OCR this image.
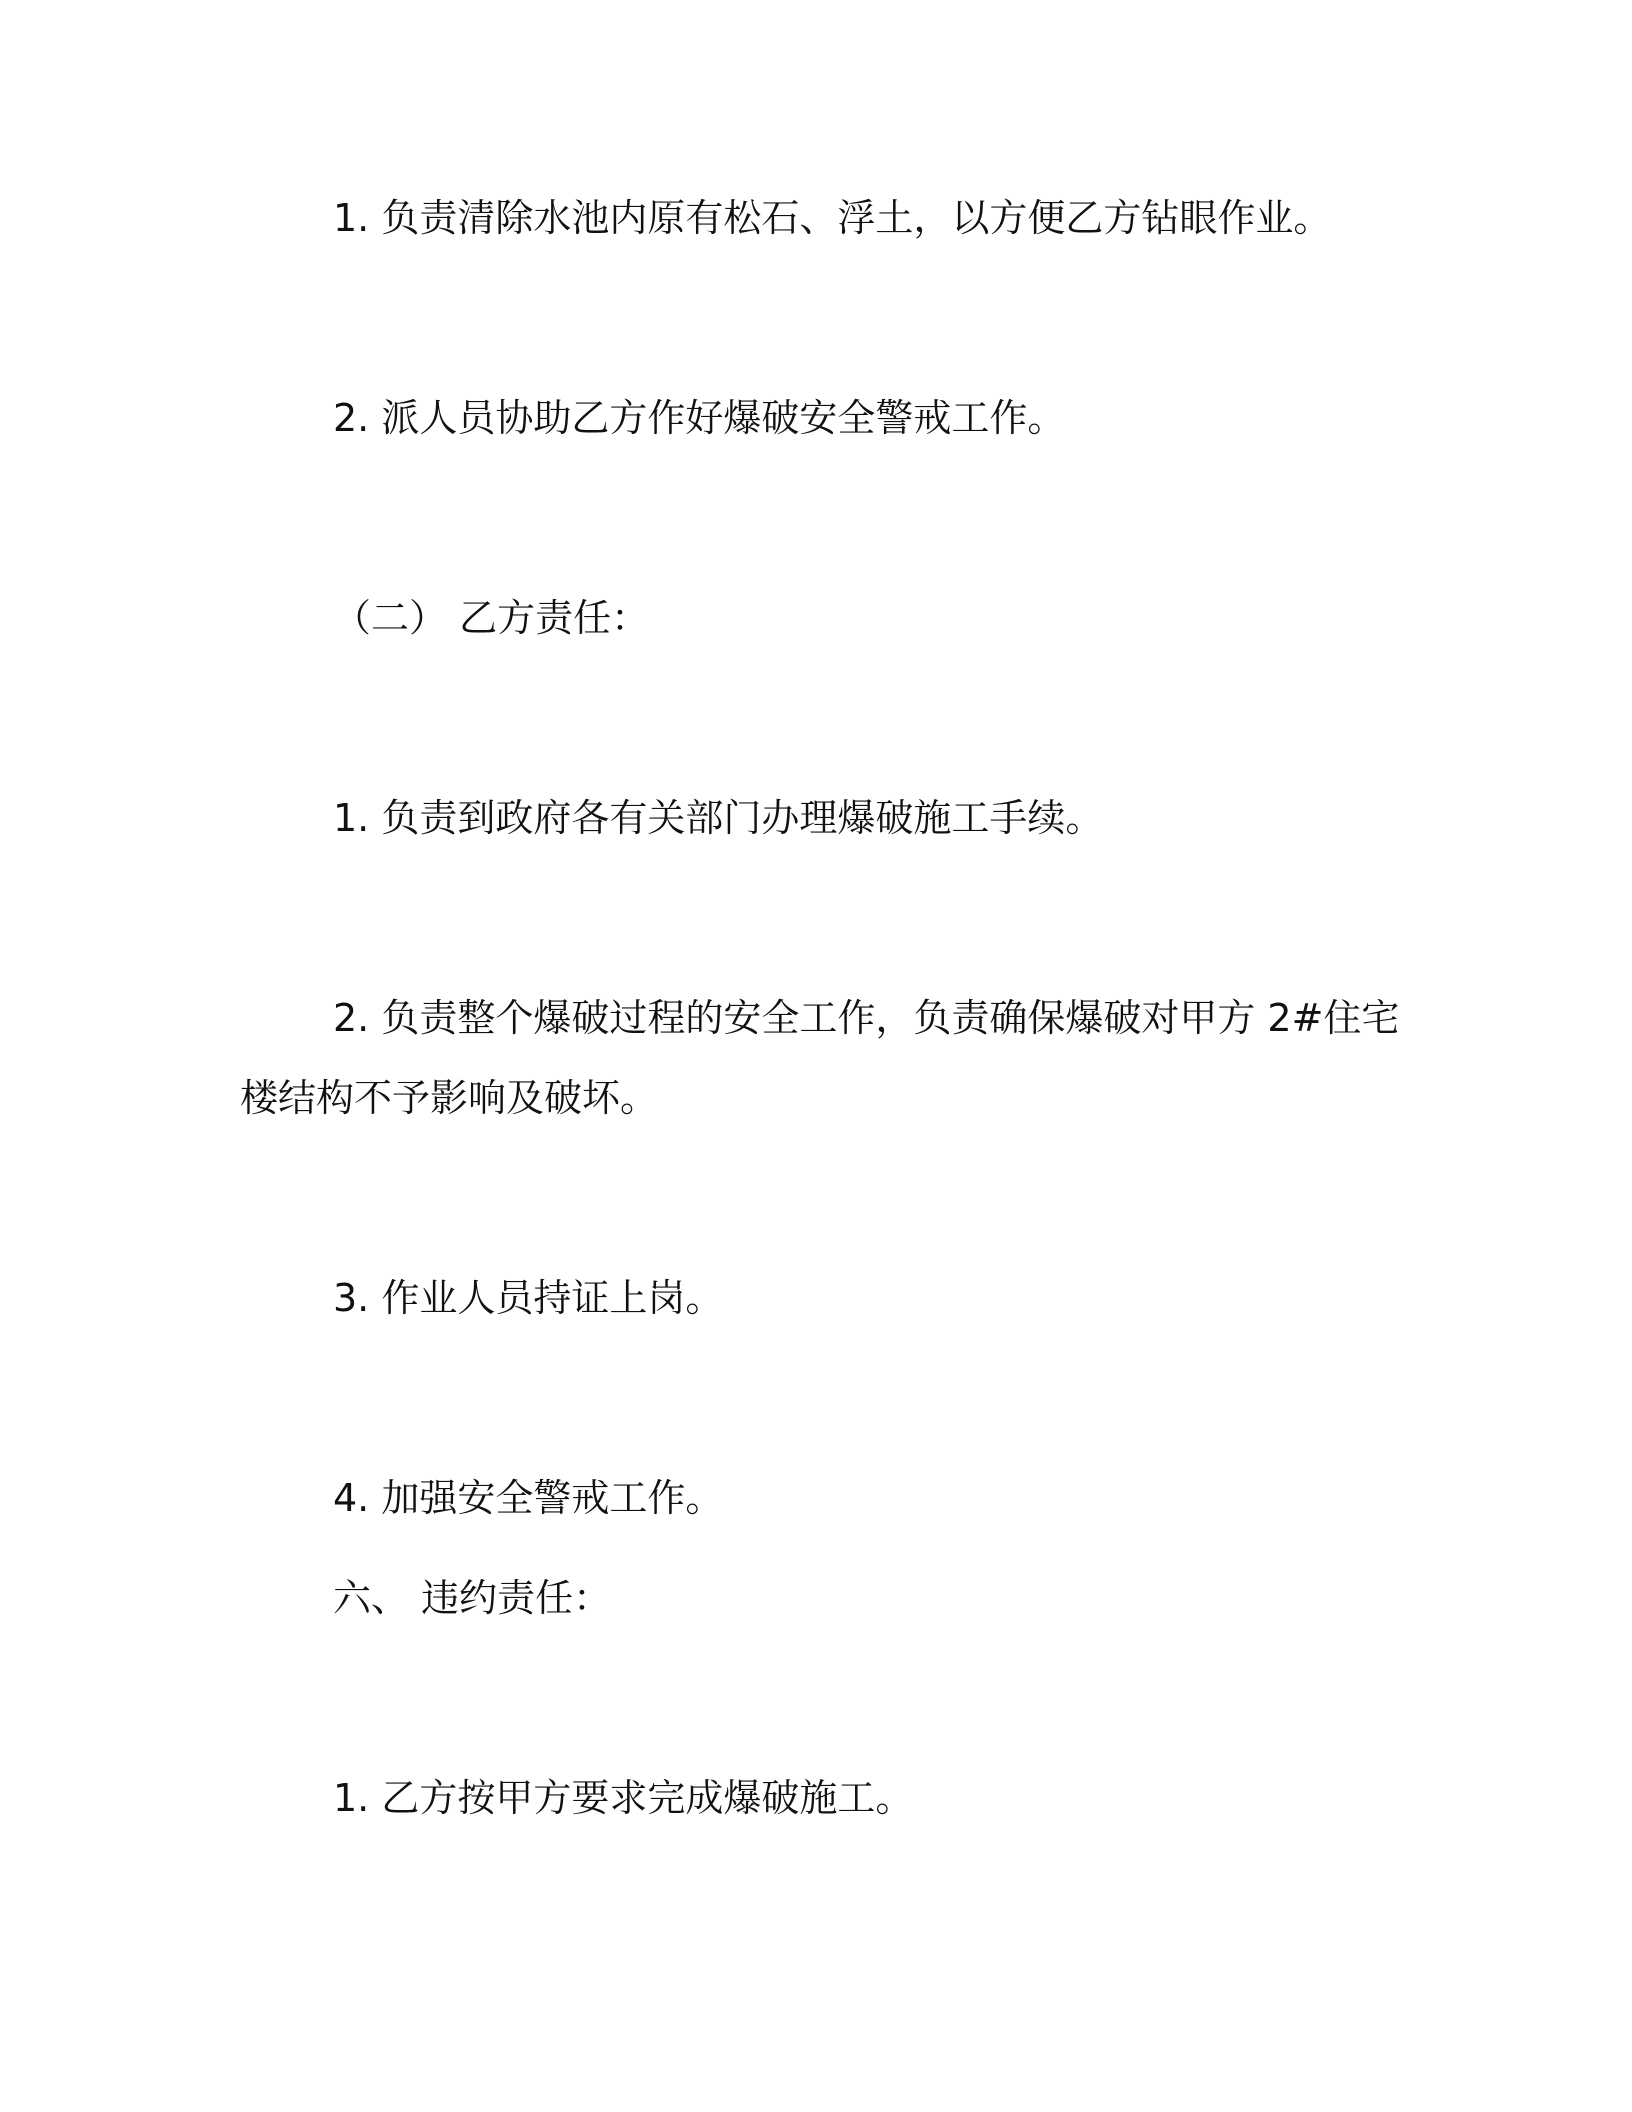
1. 负责清除水池内原有松石、浮土，以方便乙方钻眼作业。
2. 派人员协助乙方作好爆破安全警戒工作。
（二） 乙方责任：
1. 负责到政府各有关部门办理爆破施工手续。
2. 负责整个爆破过程的安全工作，负责确保爆破对甲方 2#住宅
楼结构不予影响及破坏。
3. 作业人员持证上岗。
4. 加强安全警戒工作。
六、 违约责任：
1. 乙方按甲方要求完成爆破施工。
